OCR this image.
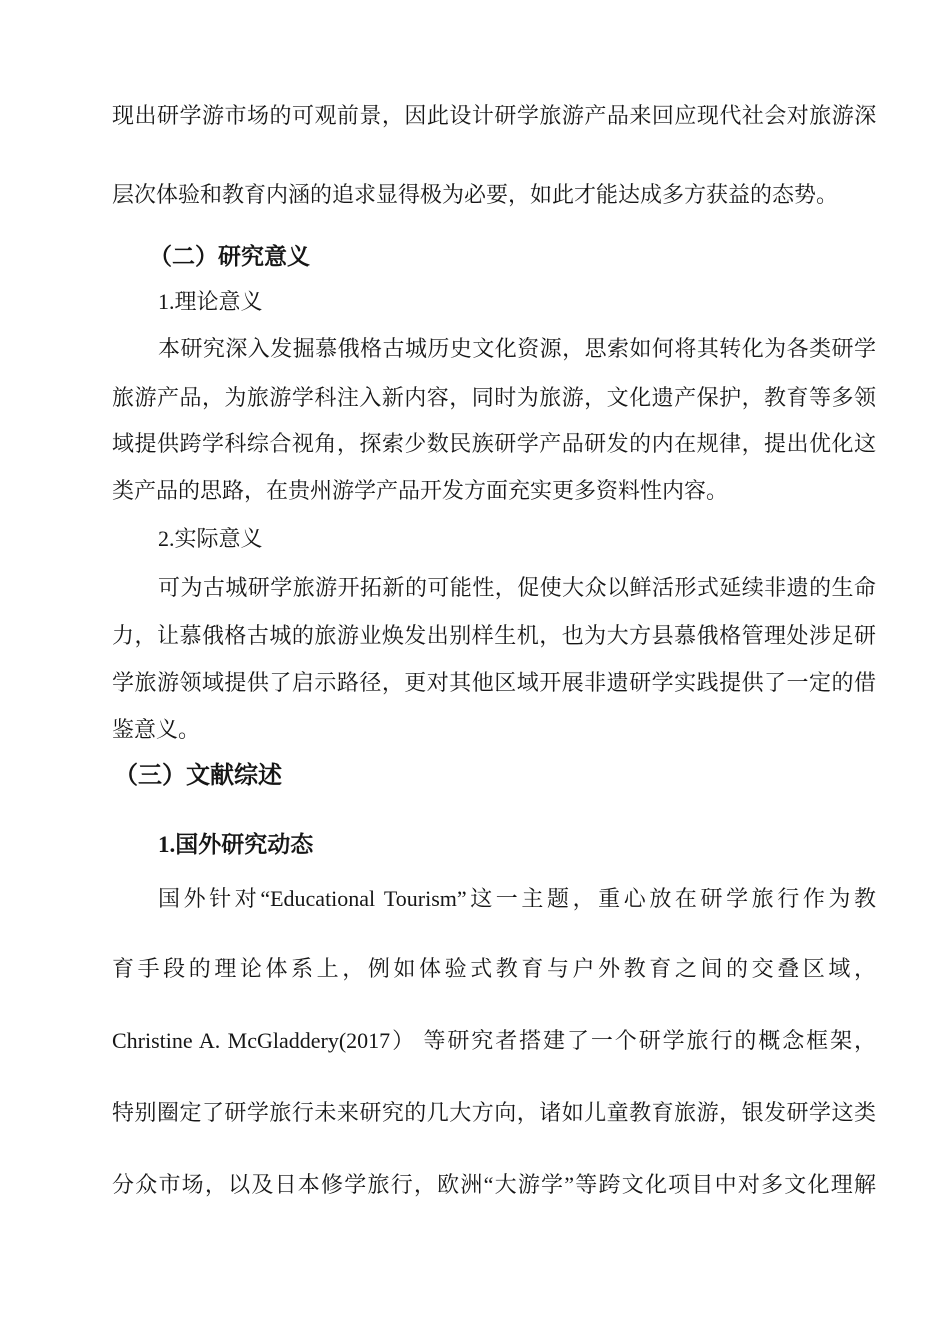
现出研学游市场的可观前景，因此设计研学旅游产品来回应现代社会对旅游深
层次体验和教育内涵的追求显得极为必要，如此才能达成多方获益的态势。
（二）研究意义
1.理论意义
本研究深入发掘慕俄格古城历史文化资源，思索如何将其转化为各类研学
旅游产品，为旅游学科注入新内容，同时为旅游，文化遗产保护，教育等多领
域提供跨学科综合视角，探索少数民族研学产品研发的内在规律，提出优化这
类产品的思路，在贵州游学产品开发方面充实更多资料性内容。
2.实际意义
可为古城研学旅游开拓新的可能性，促使大众以鲜活形式延续非遗的生命
力，让慕俄格古城的旅游业焕发出别样生机，也为大方县慕俄格管理处涉足研
学旅游领域提供了启示路径，更对其他区域开展非遗研学实践提供了一定的借
鉴意义。
（三）文献综述
1.国外研究动态
国外针对“Educational Tourism”这一主题，重心放在研学旅行作为教
育手段的理论体系上，例如体验式教育与户外教育之间的交叠区域，
Christine A. McGladdery(2017） 等研究者搭建了一个研学旅行的概念框架，
特别圈定了研学旅行未来研究的几大方向，诸如儿童教育旅游，银发研学这类
分众市场，以及日本修学旅行，欧洲“大游学”等跨文化项目中对多文化理解
